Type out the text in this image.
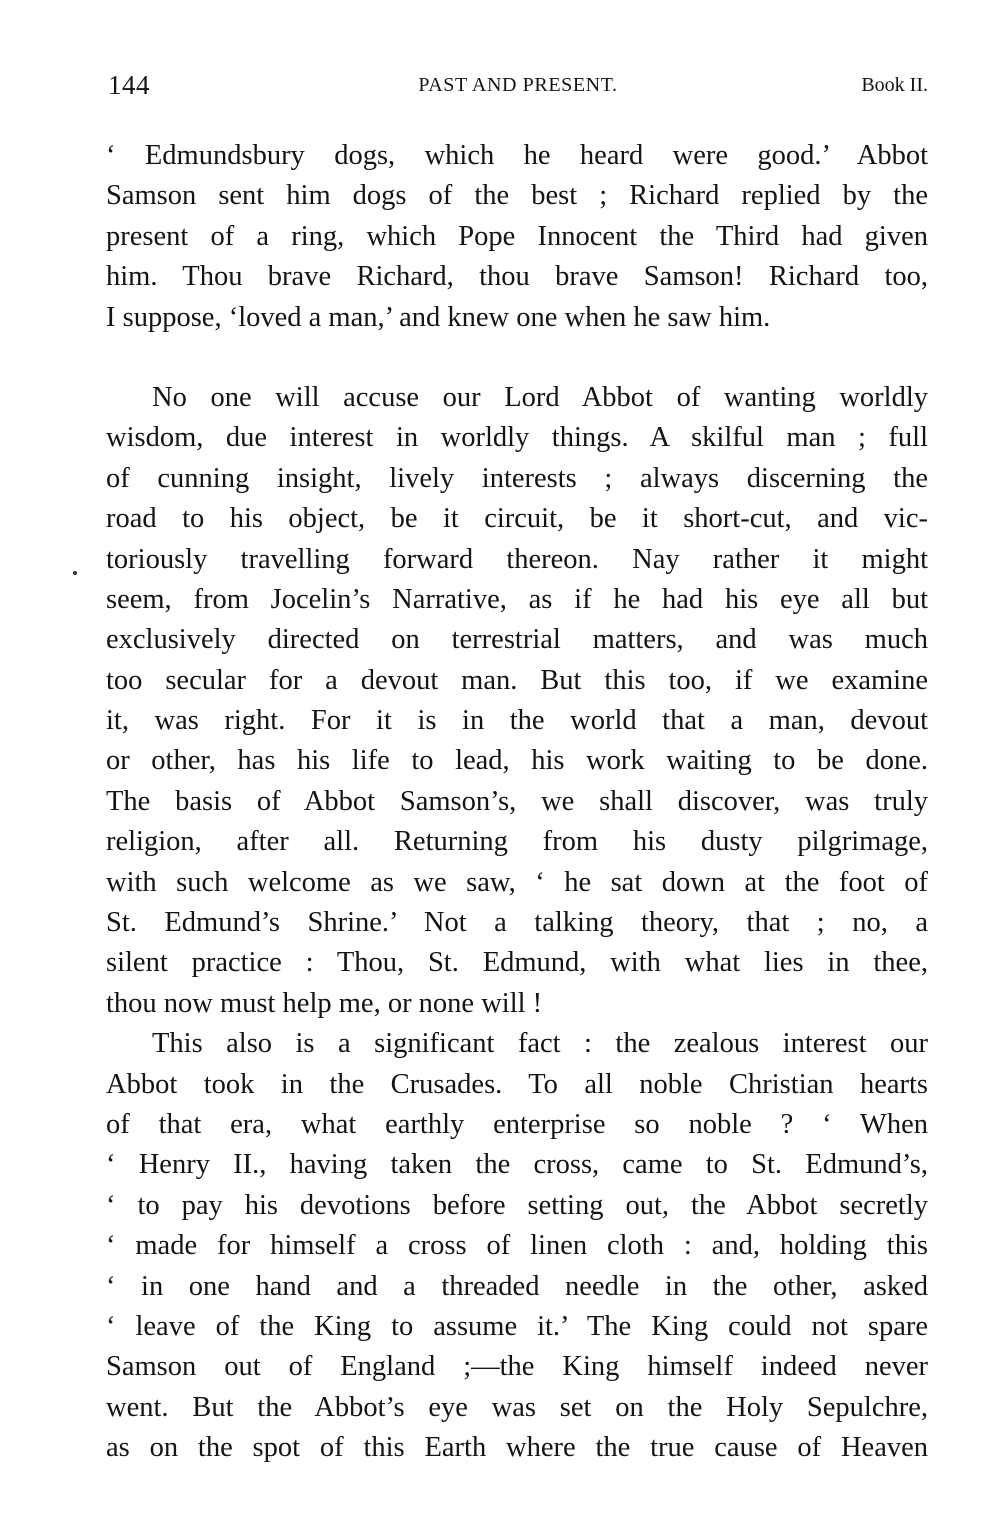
144	PAST AND PRESENT.	Book II.
‘ Edmundsbury dogs, which he heard were good.’ Abbot
Samson sent him dogs of the best ; Richard replied by the
present of a ring, which Pope Innocent the Third had given
him. Thou brave Richard, thou brave Samson! Richard too,
I suppose, ‘loved a man,’ and knew one when he saw him.
No one will accuse our Lord Abbot of wanting worldly
wisdom, due interest in worldly things. A skilful man ; full
of cunning insight, lively interests ; always discerning the
road to his object, be it circuit, be it short-cut, and vic-
toriously travelling forward thereon. Nay rather it might
seem, from Jocelin’s Narrative, as if he had his eye all but
exclusively directed on terrestrial matters, and was much
too secular for a devout man. But this too, if we examine
it, was right. For it is in the world that a man, devout
or other, has his life to lead, his work waiting to be done.
The basis of Abbot Samson’s, we shall discover, was truly
religion, after all. Returning from his dusty pilgrimage,
with such welcome as we saw, ‘ he sat down at the foot of
St. Edmund’s Shrine.’ Not a talking theory, that ; no, a
silent practice : Thou, St. Edmund, with what lies in thee,
thou now must help me, or none will !
This also is a significant fact : the zealous interest our
Abbot took in the Crusades. To all noble Christian hearts
of that era, what earthly enterprise so noble ? ‘ When
‘ Henry II., having taken the cross, came to St. Edmund’s,
‘ to pay his devotions before setting out, the Abbot secretly
‘ made for himself a cross of linen cloth : and, holding this
‘ in one hand and a threaded needle in the other, asked
‘ leave of the King to assume it.’ The King could not spare
Samson out of England ;—the King himself indeed never
went. But the Abbot’s eye was set on the Holy Sepulchre,
as on the spot of this Earth where the true cause of Heaven
